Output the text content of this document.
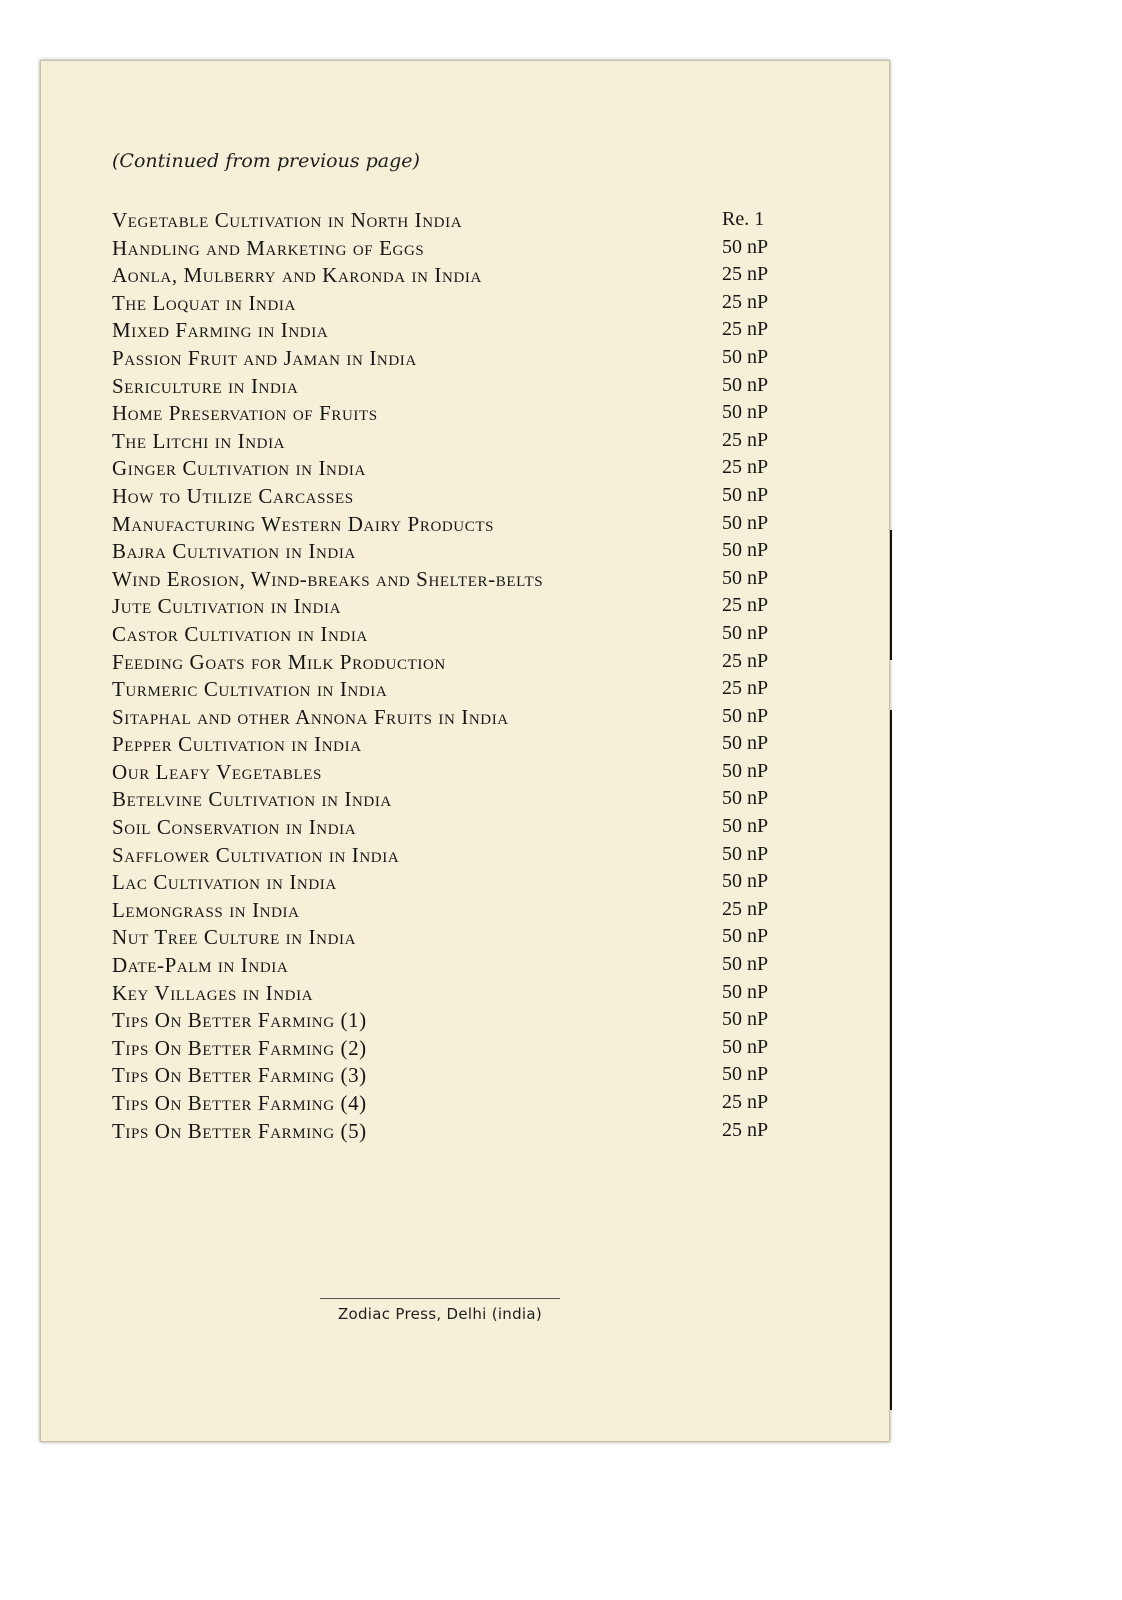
(Continued from previous page)
Vegetable Cultivation in North India	Re. 1
Handling and Marketing of Eggs	50 nP
Aonla, Mulberry and Karonda in India	25 nP
The Loquat in India	25 nP
Mixed Farming in India	25 nP
Passion Fruit and Jaman in India	50 nP
Sericulture in India	50 nP
Home Preservation of Fruits	50 nP
The Litchi in India	25 nP
Ginger Cultivation in India	25 nP
How to Utilize Carcasses	50 nP
Manufacturing Western Dairy Products	50 nP
Bajra Cultivation in India	50 nP
Wind Erosion, Wind-breaks and Shelter-belts	50 nP
Jute Cultivation in India	25 nP
Castor Cultivation in India	50 nP
Feeding Goats for Milk Production	25 nP
Turmeric Cultivation in India	25 nP
Sitaphal and other Annona Fruits in India	50 nP
Pepper Cultivation in India	50 nP
Our Leafy Vegetables	50 nP
Betelvine Cultivation in India	50 nP
Soil Conservation in India	50 nP
Safflower Cultivation in India	50 nP
Lac Cultivation in India	50 nP
Lemongrass in India	25 nP
Nut Tree Culture in India	50 nP
Date-Palm in India	50 nP
Key Villages in India	50 nP
Tips On Better Farming (1)	50 nP
Tips On Better Farming (2)	50 nP
Tips On Better Farming (3)	50 nP
Tips On Better Farming (4)	25 nP
Tips On Better Farming (5)	25 nP
Zodiac Press, Delhi (india)
